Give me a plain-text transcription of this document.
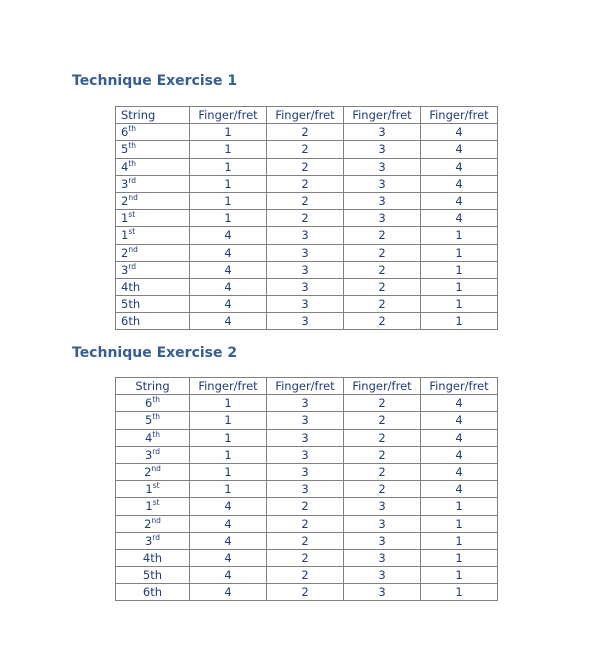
Technique Exercise 1
String	Finger/fret	Finger/fret	Finger/fret	Finger/fret
6th	1	2	3	4
5th	1	2	3	4
4th	1	2	3	4
3rd	1	2	3	4
2nd	1	2	3	4
1st	1	2	3	4
1st	4	3	2	1
2nd	4	3	2	1
3rd	4	3	2	1
4th	4	3	2	1
5th	4	3	2	1
6th	4	3	2	1
Technique Exercise 2
String	Finger/fret	Finger/fret	Finger/fret	Finger/fret
6th	1	3	2	4
5th	1	3	2	4
4th	1	3	2	4
3rd	1	3	2	4
2nd	1	3	2	4
1st	1	3	2	4
1st	4	2	3	1
2nd	4	2	3	1
3rd	4	2	3	1
4th	4	2	3	1
5th	4	2	3	1
6th	4	2	3	1
